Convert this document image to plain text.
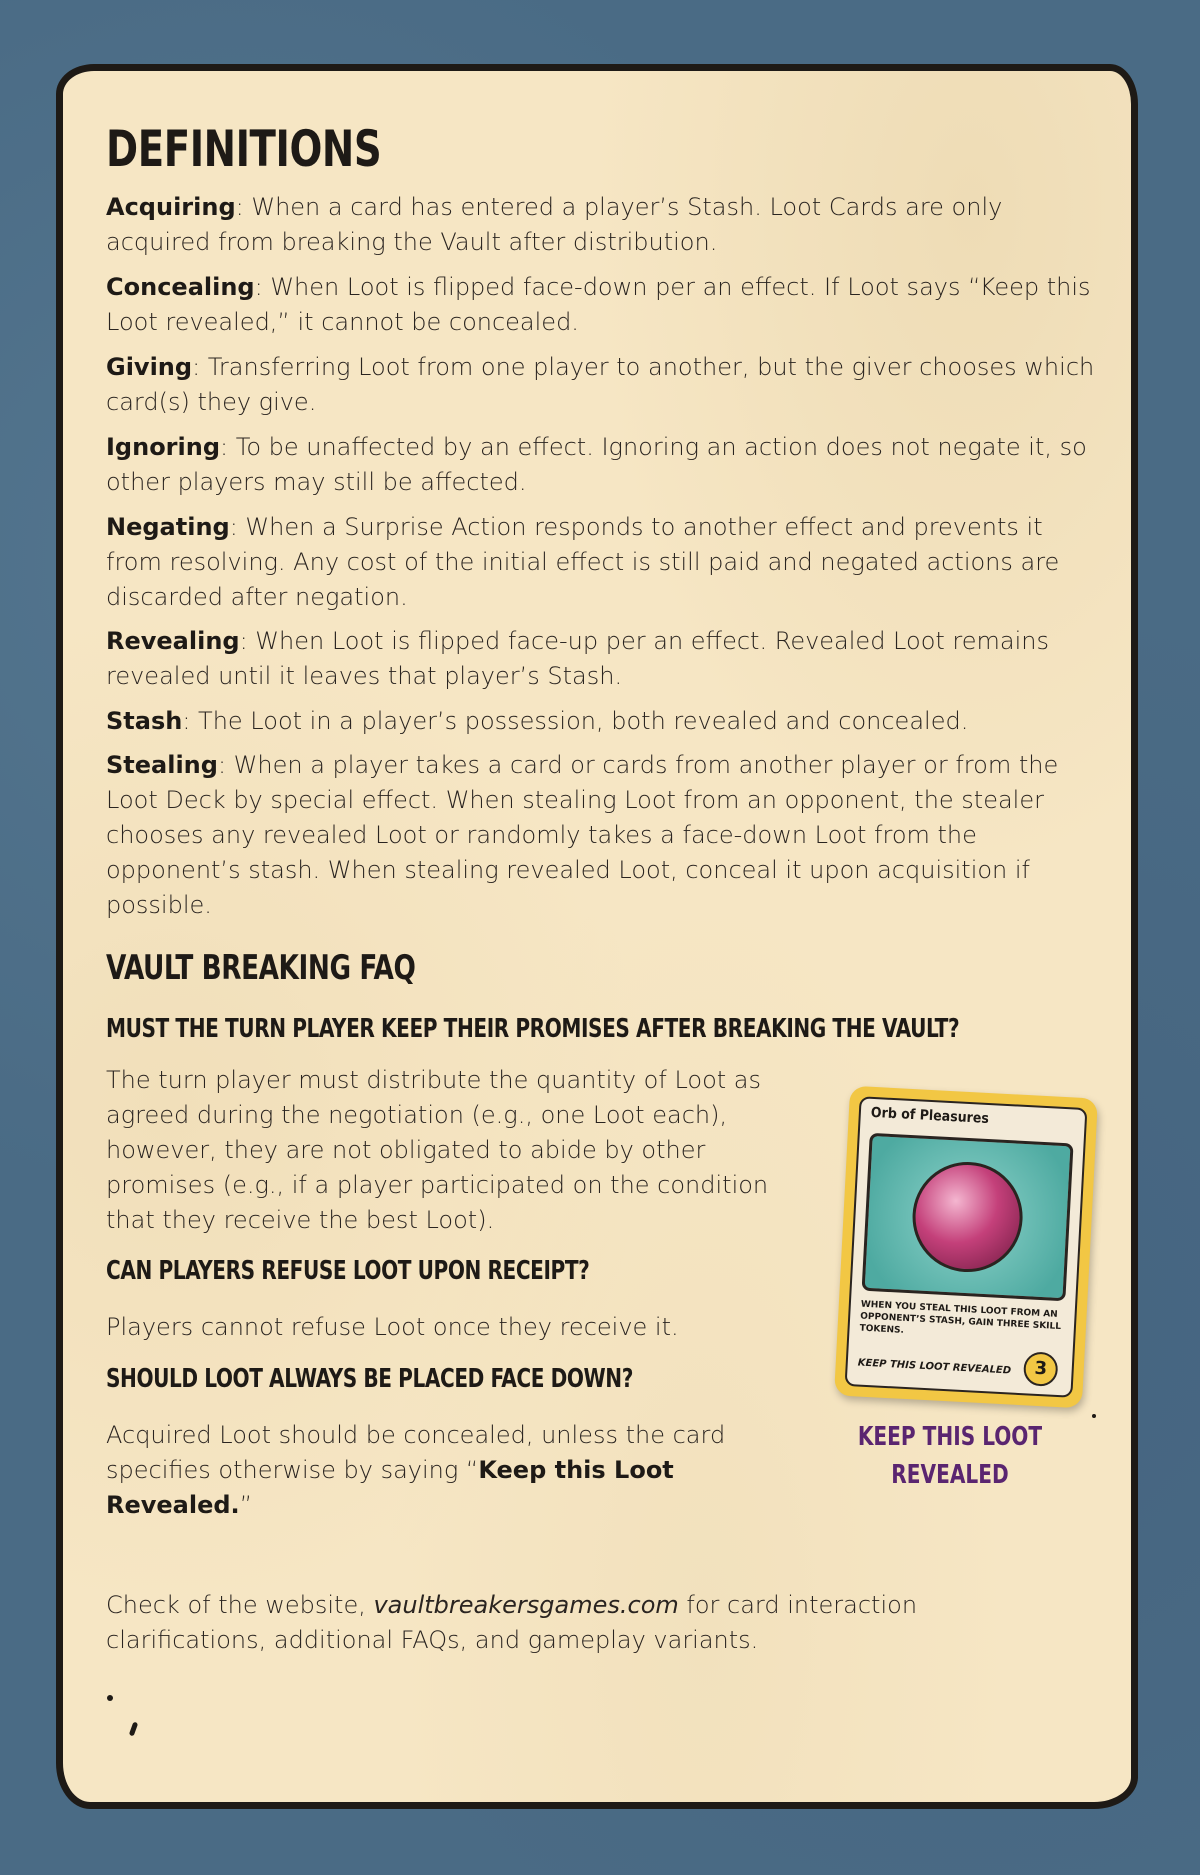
DEFINITIONS

Acquiring: When a card has entered a player’s Stash. Loot Cards are only acquired from breaking the Vault after distribution.

Concealing: When Loot is flipped face-down per an effect. If Loot says “Keep this Loot revealed,” it cannot be concealed.

Giving: Transferring Loot from one player to another, but the giver chooses which card(s) they give.

Ignoring: To be unaffected by an effect. Ignoring an action does not negate it, so other players may still be affected.

Negating: When a Surprise Action responds to another effect and prevents it from resolving. Any cost of the initial effect is still paid and negated actions are discarded after negation.

Revealing: When Loot is flipped face-up per an effect. Revealed Loot remains revealed until it leaves that player’s Stash.

Stash: The Loot in a player’s possession, both revealed and concealed.

Stealing: When a player takes a card or cards from another player or from the Loot Deck by special effect. When stealing Loot from an opponent, the stealer chooses any revealed Loot or randomly takes a face-down Loot from the opponent’s stash. When stealing revealed Loot, conceal it upon acquisition if possible.

VAULT BREAKING FAQ
MUST THE TURN PLAYER KEEP THEIR PROMISES AFTER BREAKING THE VAULT?

The turn player must distribute the quantity of Loot as agreed during the negotiation (e.g., one Loot each), however, they are not obligated to abide by other promises (e.g., if a player participated on the condition that they receive the best Loot).

CAN PLAYERS REFUSE LOOT UPON RECEIPT?

Players cannot refuse Loot once they receive it.

SHOULD LOOT ALWAYS BE PLACED FACE DOWN?

Acquired Loot should be concealed, unless the card specifies otherwise by saying “Keep this Loot Revealed.”

Orb of Pleasures
WHEN YOU STEAL THIS LOOT FROM AN OPPONENT’S STASH, GAIN THREE SKILL TOKENS.
KEEP THIS LOOT REVEALED	3
KEEP THIS LOOT REVEALED

Check of the website, vaultbreakersgames.com for card interaction clarifications, additional FAQs, and gameplay variants.
